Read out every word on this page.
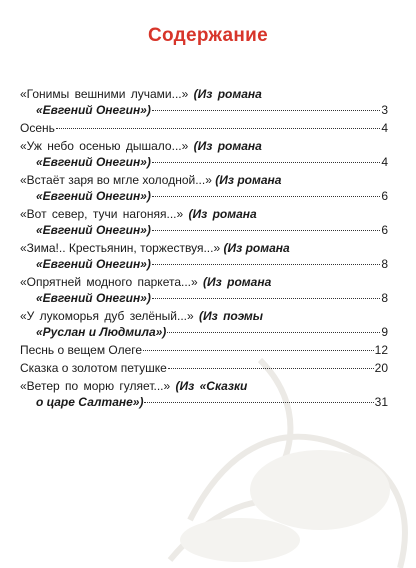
Содержание
«Гонимы вешними лучами...»
(Из романа
«Евгений Онегин»)	3
Осень	4
«Уж небо осенью дышало...»
(Из романа
«Евгений Онегин»)	4
«Встаёт заря во мгле холодной...»
(Из романа
«Евгений Онегин»)	6
«Вот север, тучи нагоняя...»
(Из романа
«Евгений Онегин»)	6
«Зима!.. Крестьянин, торжествуя...»
(Из романа
«Евгений Онегин»)	8
«Опрятней модного паркета...»
(Из романа
«Евгений Онегин»)	8
«У лукоморья дуб зелёный...»
(Из поэмы
«Руслан и Людмила»)	9
Песнь о вещем Олеге	12
Сказка о золотом петушке	20
«Ветер по морю гуляет...»
(Из «Сказки
о царе Салтане»)	31
